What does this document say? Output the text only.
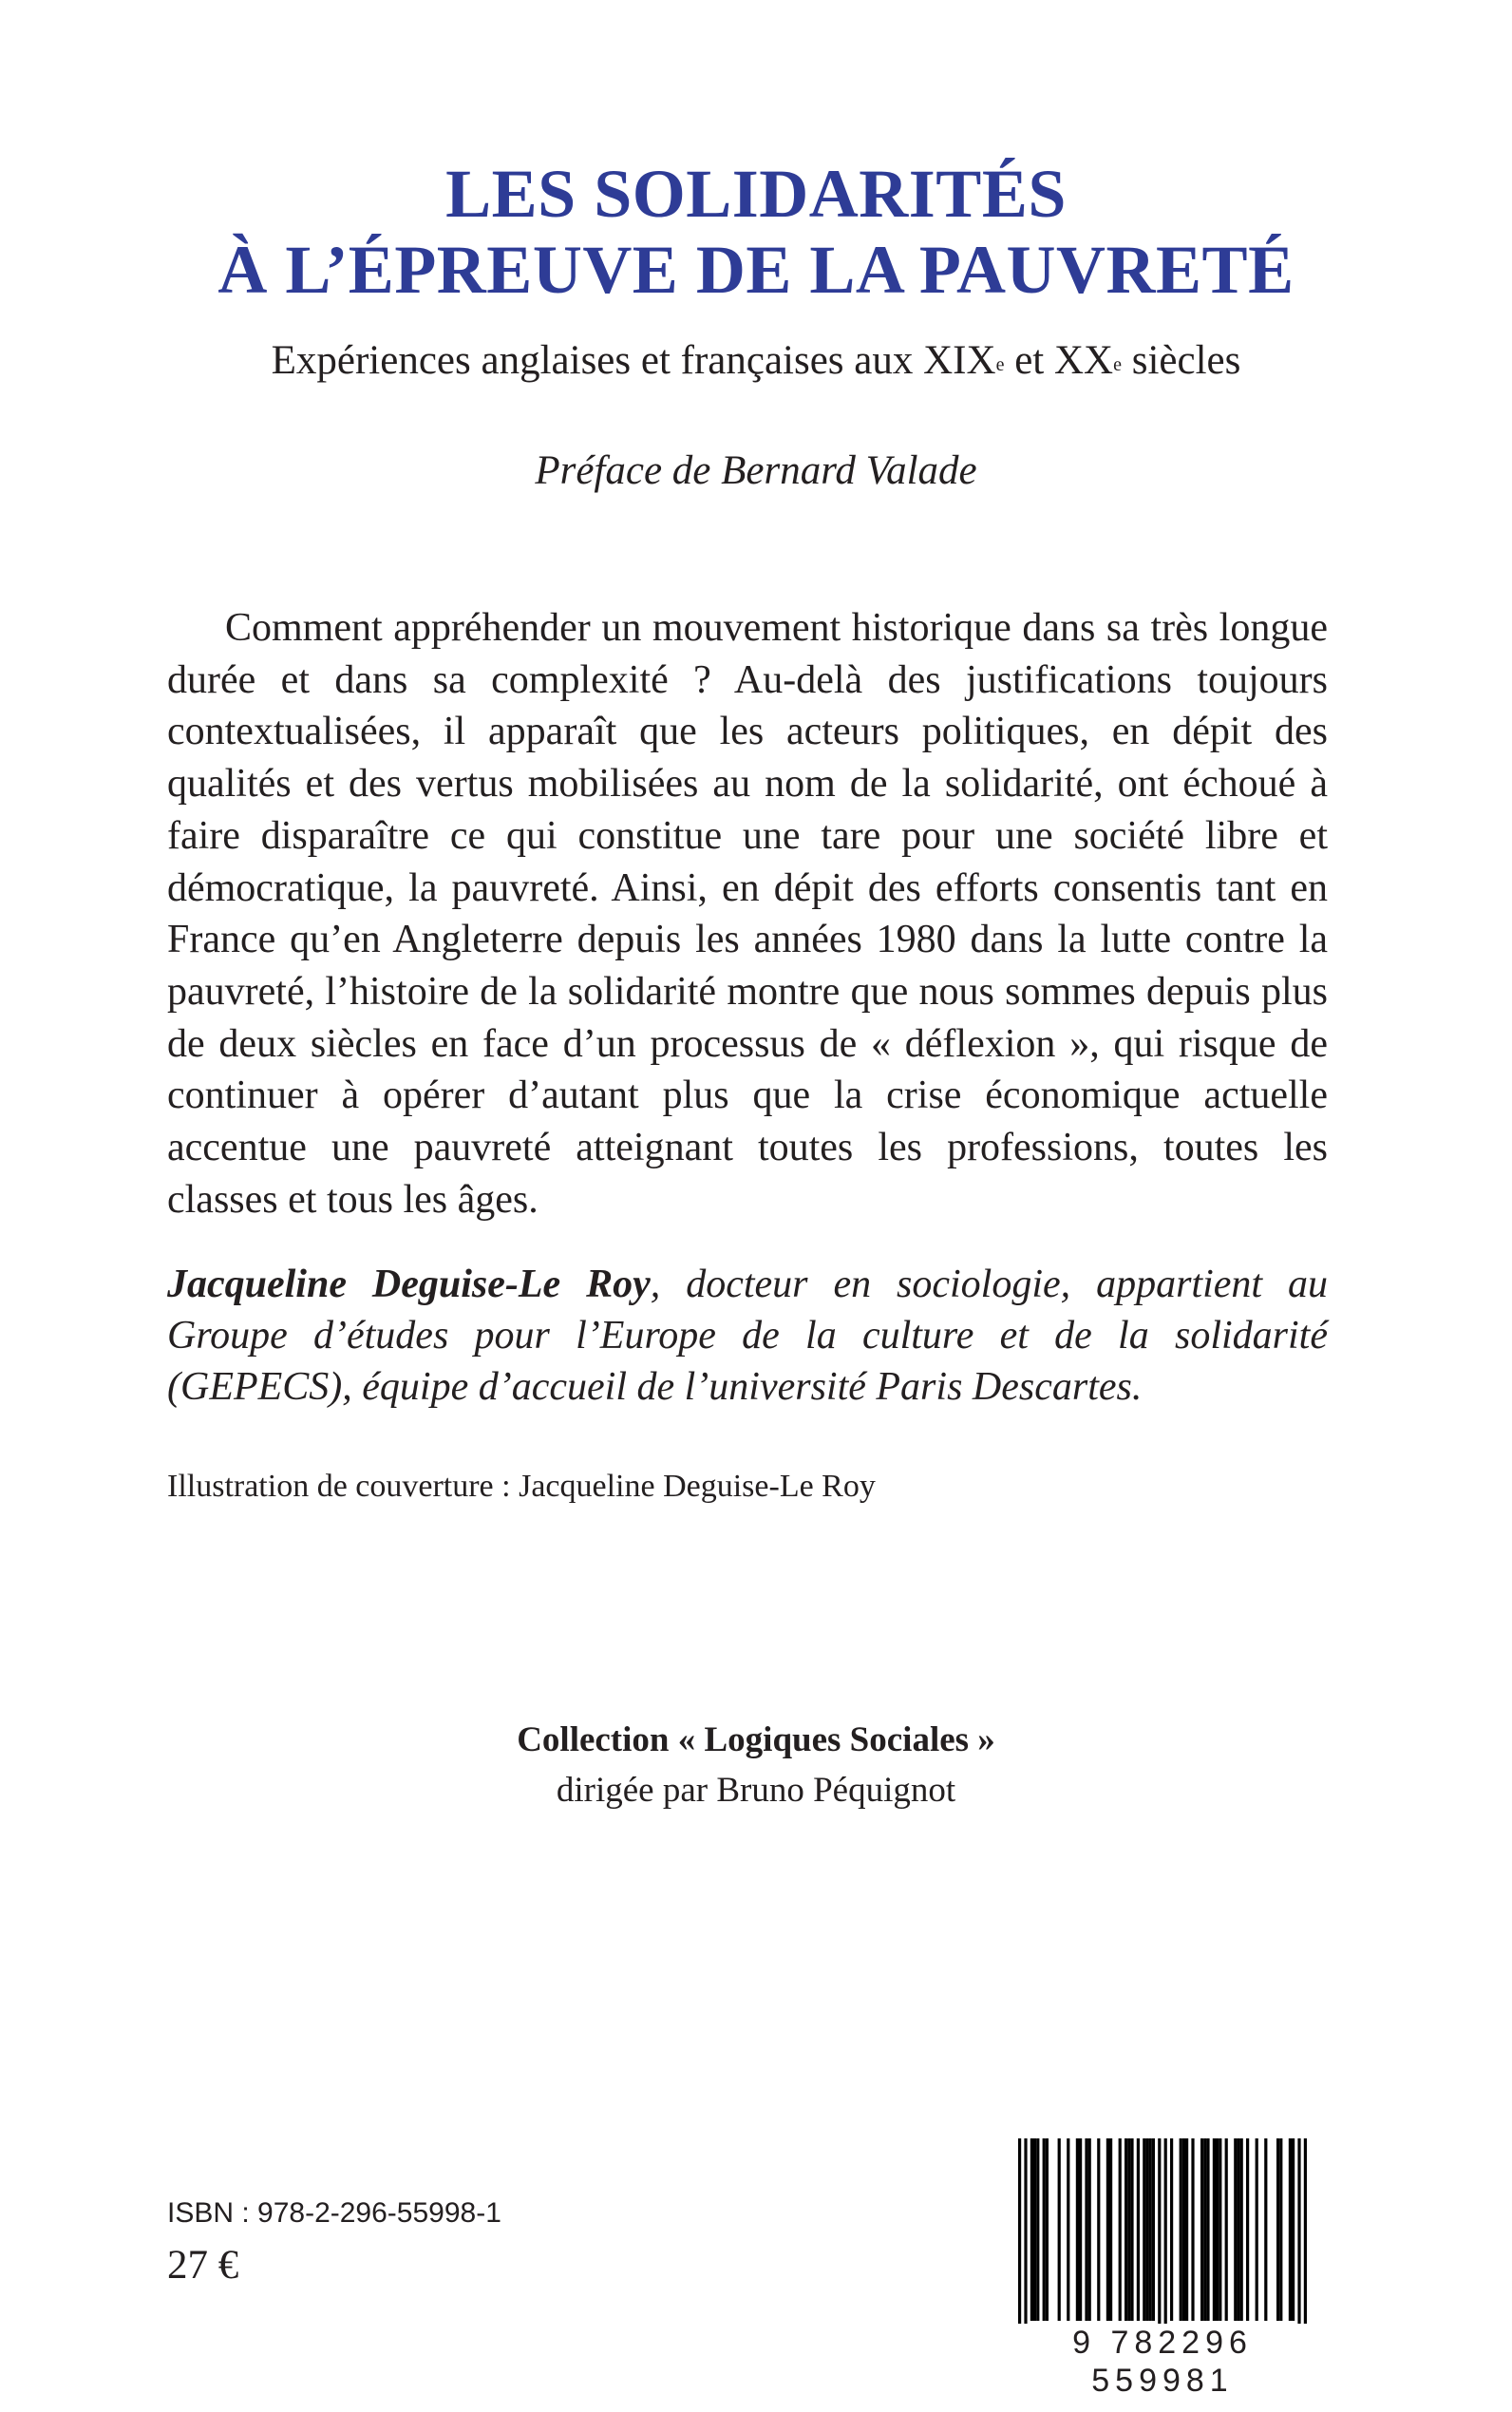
LES SOLIDARITÉS
À L’ÉPREUVE DE LA PAUVRETÉ
Expériences anglaises et françaises aux XIXe et XXe siècles
Préface de Bernard Valade

Comment appréhender un mouvement historique dans sa très longue durée et dans sa complexité ? Au-delà des justifications toujours contextualisées, il apparaît que les acteurs politiques, en dépit des qualités et des vertus mobilisées au nom de la solidarité, ont échoué à faire disparaître ce qui constitue une tare pour une société libre et démocratique, la pauvreté. Ainsi, en dépit des efforts consentis tant en France qu’en Angleterre depuis les années 1980 dans la lutte contre la pauvreté, l’histoire de la solidarité montre que nous sommes depuis plus de deux siècles en face d’un processus de « déflexion », qui risque de continuer à opérer d’autant plus que la crise économique actuelle accentue une pauvreté atteignant toutes les professions, toutes les classes et tous les âges.

Jacqueline Deguise-Le Roy, docteur en sociologie, appartient au Groupe d’études pour l’Europe de la culture et de la solidarité (GEPECS), équipe d’accueil de l’université Paris Descartes.

Illustration de couverture : Jacqueline Deguise-Le Roy
Collection « Logiques Sociales »
dirigée par Bruno Péquignot
ISBN : 978-2-296-55998-1
27 €
9 782296 559981
